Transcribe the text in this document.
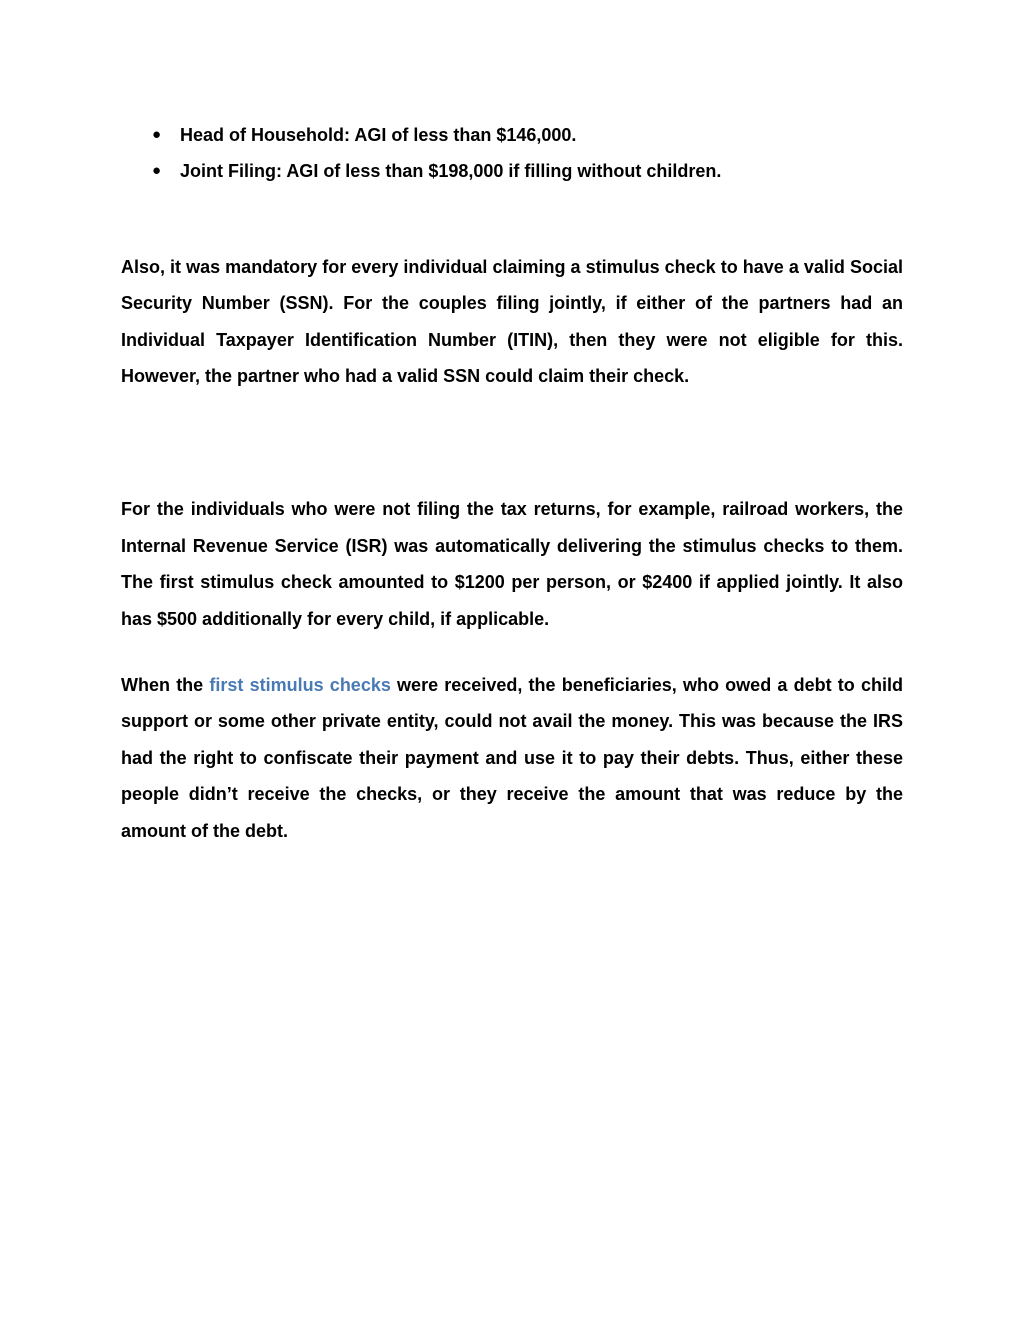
● Head of Household: AGI of less than $146,000.
● Joint Filing: AGI of less than $198,000 if filling without children.

Also, it was mandatory for every individual claiming a stimulus check to have a valid Social Security Number (SSN). For the couples filing jointly, if either of the partners had an Individual Taxpayer Identification Number (ITIN), then they were not eligible for this. However, the partner who had a valid SSN could claim their check.

For the individuals who were not filing the tax returns, for example, railroad workers, the Internal Revenue Service (ISR) was automatically delivering the stimulus checks to them. The first stimulus check amounted to $1200 per person, or $2400 if applied jointly. It also has $500 additionally for every child, if applicable.

When the first stimulus checks were received, the beneficiaries, who owed a debt to child support or some other private entity, could not avail the money. This was because the IRS had the right to confiscate their payment and use it to pay their debts. Thus, either these people didn’t receive the checks, or they receive the amount that was reduce by the amount of the debt.
